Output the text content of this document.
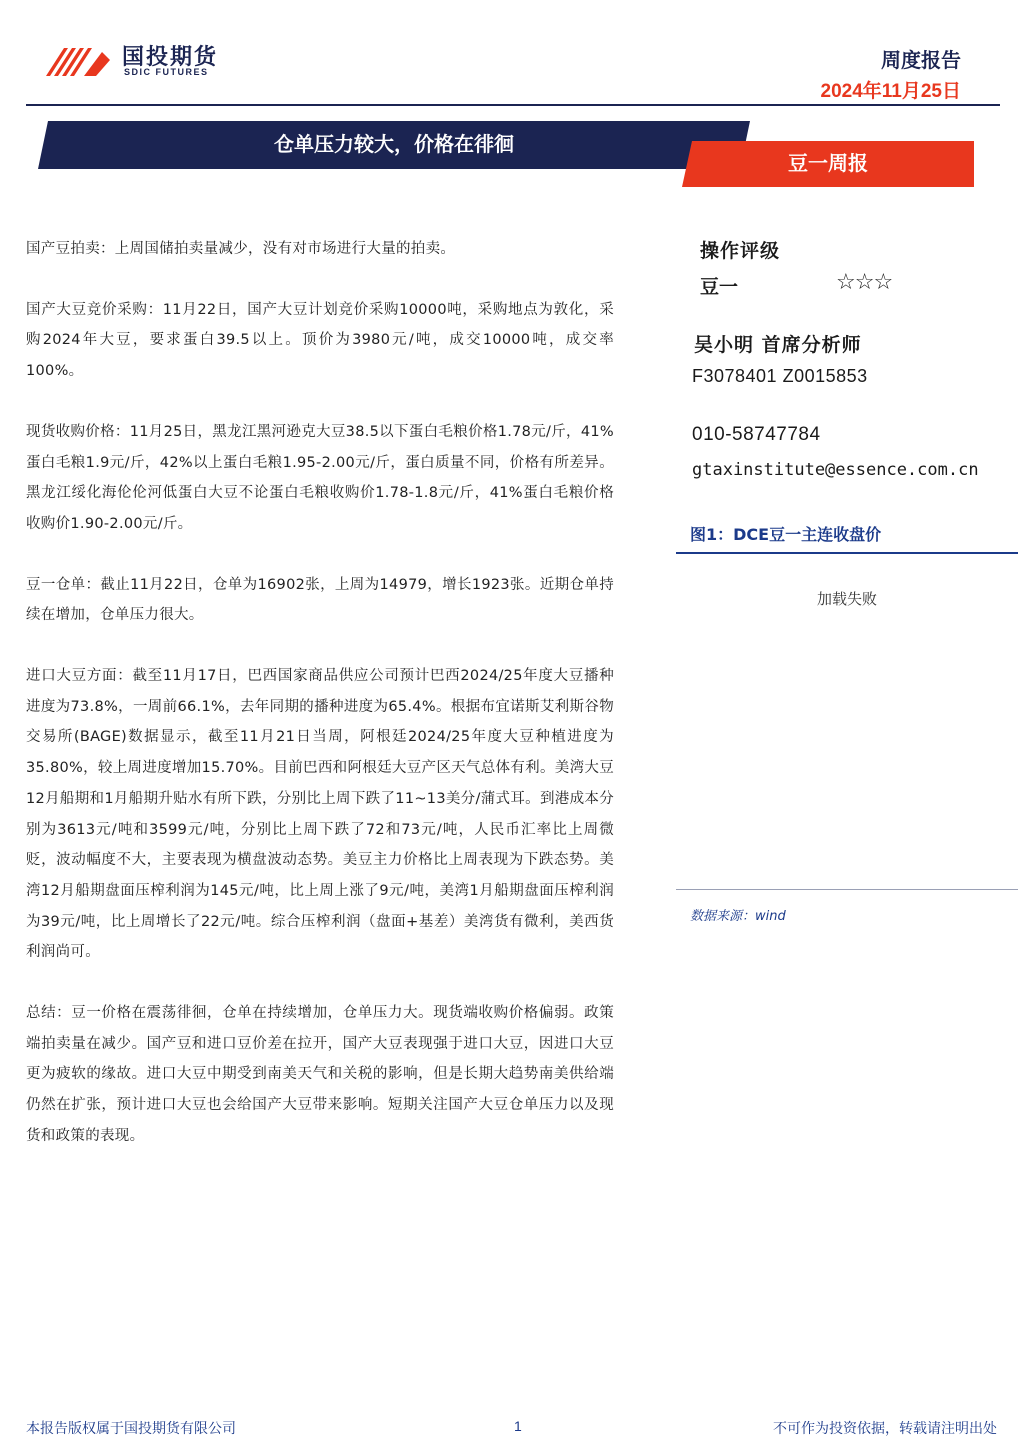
国投期货
SDIC FUTURES	周度报告
2024年11月25日
仓单压力较大，价格在徘徊
豆一周报

国产豆拍卖：上周国储拍卖量减少，没有对市场进行大量的拍卖。

国产大豆竞价采购：11月22日，国产大豆计划竞价采购10000吨，采购地点为敦化，采购2024年大豆，要求蛋白39.5以上。顶价为3980元/吨，成交10000吨，成交率100%。

现货收购价格：11月25日，黑龙江黑河逊克大豆38.5以下蛋白毛粮价格1.78元/斤，41%蛋白毛粮1.9元/斤，42%以上蛋白毛粮1.95-2.00元/斤，蛋白质量不同，价格有所差异。黑龙江绥化海伦伦河低蛋白大豆不论蛋白毛粮收购价1.78-1.8元/斤，41%蛋白毛粮价格收购价1.90-2.00元/斤。

豆一仓单：截止11月22日，仓单为16902张，上周为14979，增长1923张。近期仓单持续在增加，仓单压力很大。

进口大豆方面：截至11月17日，巴西国家商品供应公司预计巴西2024/25年度大豆播种进度为73.8%，一周前66.1%，去年同期的播种进度为65.4%。根据布宜诺斯艾利斯谷物交易所(BAGE)数据显示，截至11月21日当周，阿根廷2024/25年度大豆种植进度为35.80%，较上周进度增加15.70%。目前巴西和阿根廷大豆产区天气总体有利。美湾大豆12月船期和1月船期升贴水有所下跌，分别比上周下跌了11~13美分/蒲式耳。到港成本分别为3613元/吨和3599元/吨，分别比上周下跌了72和73元/吨，人民币汇率比上周微贬，波动幅度不大，主要表现为横盘波动态势。美豆主力价格比上周表现为下跌态势。美湾12月船期盘面压榨利润为145元/吨，比上周上涨了9元/吨，美湾1月船期盘面压榨利润为39元/吨，比上周增长了22元/吨。综合压榨利润（盘面+基差）美湾货有微利，美西货利润尚可。

总结：豆一价格在震荡徘徊，仓单在持续增加，仓单压力大。现货端收购价格偏弱。政策端拍卖量在减少。国产豆和进口豆价差在拉开，国产大豆表现强于进口大豆，因进口大豆更为疲软的缘故。进口大豆中期受到南美天气和关税的影响，但是长期大趋势南美供给端仍然在扩张，预计进口大豆也会给国产大豆带来影响。短期关注国产大豆仓单压力以及现货和政策的表现。

操作评级
豆一	☆☆☆
吴小明 首席分析师
F3078401 Z0015853
010-58747784
gtaxinstitute@essence.com.cn
图1：DCE豆一主连收盘价
加载失败
数据来源：wind
本报告版权属于国投期货有限公司	1	不可作为投资依据，转载请注明出处
